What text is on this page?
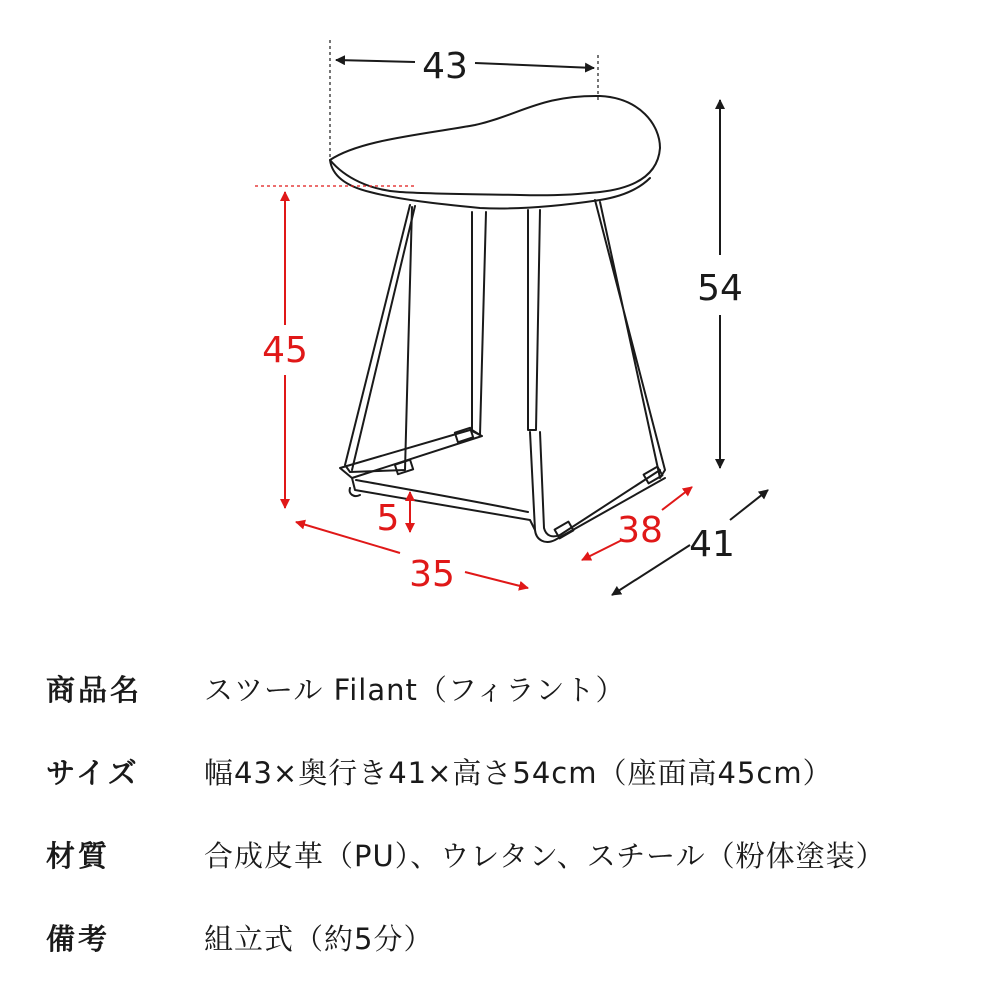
43
54
45
5
35
38 41
商品名 スツール Filant（フィラント）
サイズ 幅43×奥行き41×高さ54cm（座面高45cm）
材質	合成皮革（PU）、ウレタン、スチール（粉体塗装）
備考	組立式（約5分）
